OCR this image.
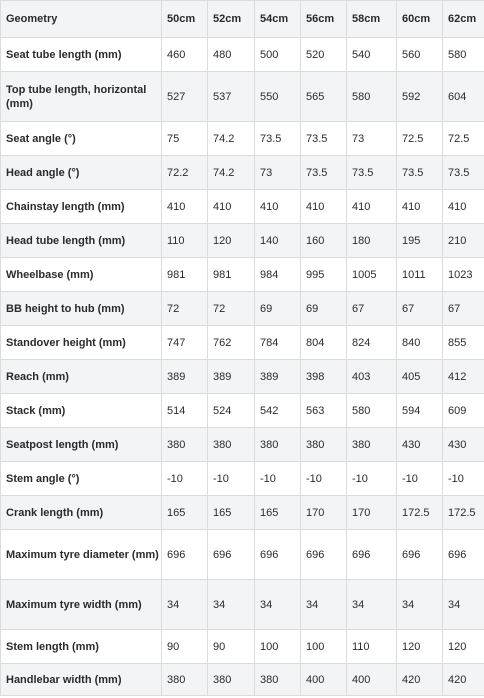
Geometry	50cm	52cm	54cm	56cm	58cm	60cm	62cm
Seat tube length (mm)	460	480	500	520	540	560	580
Top tube length, horizontal (mm)	527	537	550	565	580	592	604
Seat angle (°)	75	74.2	73.5	73.5	73	72.5	72.5
Head angle (°)	72.2	74.2	73	73.5	73.5	73.5	73.5
Chainstay length (mm)	410	410	410	410	410	410	410
Head tube length (mm)	110	120	140	160	180	195	210
Wheelbase (mm)	981	981	984	995	1005	1011	1023
BB height to hub (mm)	72	72	69	69	67	67	67
Standover height (mm)	747	762	784	804	824	840	855
Reach (mm)	389	389	389	398	403	405	412
Stack (mm)	514	524	542	563	580	594	609
Seatpost length (mm)	380	380	380	380	380	430	430
Stem angle (°)	-10	-10	-10	-10	-10	-10	-10
Crank length (mm)	165	165	165	170	170	172.5	172.5
Maximum tyre diameter (mm)	696	696	696	696	696	696	696
Maximum tyre width (mm)	34	34	34	34	34	34	34
Stem length (mm)	90	90	100	100	110	120	120
Handlebar width (mm)	380	380	380	400	400	420	420
